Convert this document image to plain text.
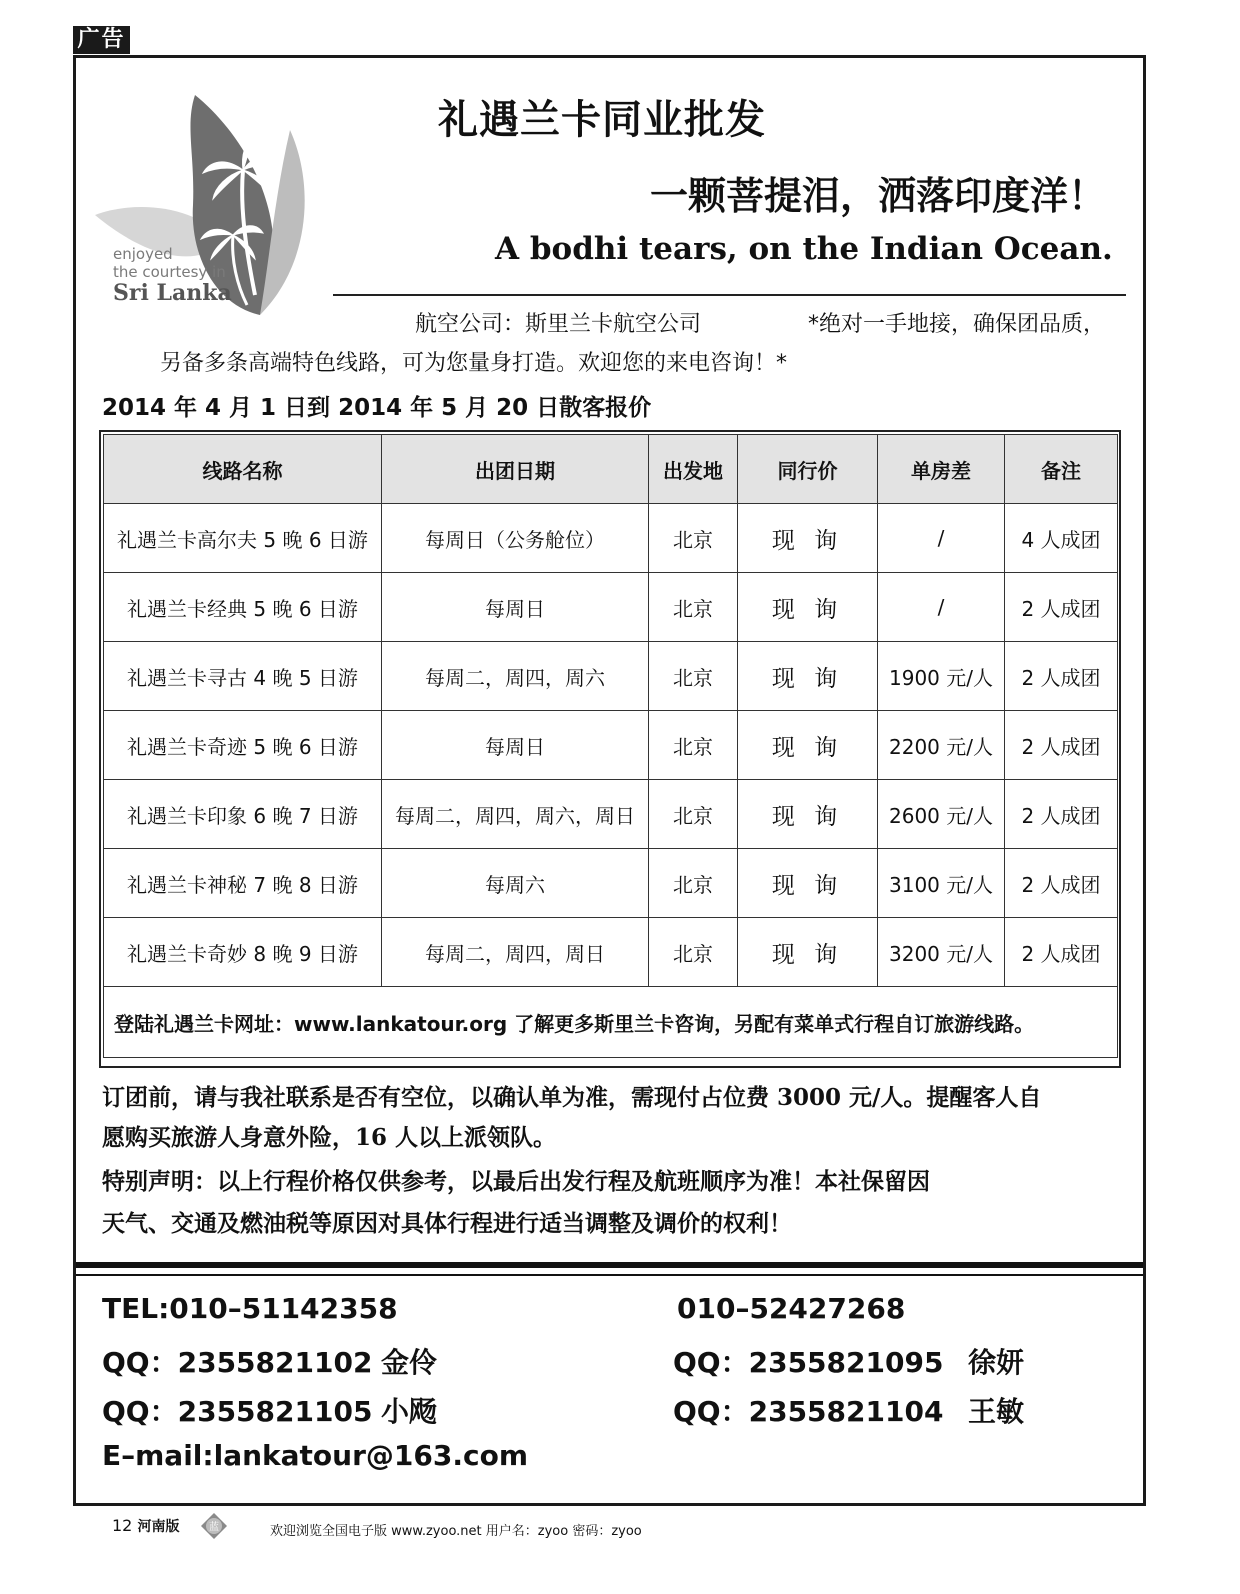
广告
enjoyed
the courtesy in
Sri Lanka
礼遇兰卡同业批发
一颗菩提泪，洒落印度洋！
A bodhi tears, on the Indian Ocean.
航空公司：斯里兰卡航空公司	*绝对一手地接，确保团品质，
另备多条高端特色线路，可为您量身打造。欢迎您的来电咨询！*
2014 年 4 月 1 日到 2014 年 5 月 20 日散客报价
线路名称	出团日期	出发地	同行价	单房差	备注
礼遇兰卡高尔夫 5 晚 6 日游	每周日（公务舱位）	北京	现 询	/	4 人成团
礼遇兰卡经典 5 晚 6 日游	每周日	北京	现 询	/	2 人成团
礼遇兰卡寻古 4 晚 5 日游	每周二，周四，周六	北京	现 询	1900 元/人	2 人成团
礼遇兰卡奇迹 5 晚 6 日游	每周日	北京	现 询	2200 元/人	2 人成团
礼遇兰卡印象 6 晚 7 日游	每周二，周四，周六，周日	北京	现 询	2600 元/人	2 人成团
礼遇兰卡神秘 7 晚 8 日游	每周六	北京	现 询	3100 元/人	2 人成团
礼遇兰卡奇妙 8 晚 9 日游	每周二，周四，周日	北京	现 询	3200 元/人	2 人成团
登陆礼遇兰卡网址：www.lankatour.org 了解更多斯里兰卡咨询，另配有菜单式行程自订旅游线路。					
订团前，请与我社联系是否有空位，以确认单为准，需现付占位费 3000 元/人。提醒客人自
愿购买旅游人身意外险，16 人以上派领队。
特别声明：以上行程价格仅供参考，以最后出发行程及航班顺序为准！本社保留因
天气、交通及燃油税等原因对具体行程进行适当调整及调价的权利！
TEL:010–51142358	010–52427268
QQ：2355821102 金伶	QQ：2355821095 徐妍
QQ：2355821105 小飏	QQ：2355821104 王敏
E–mail:lankatour@163.com
12 河南版	蓝	欢迎浏览全国电子版 www.zyoo.net 用户名：zyoo 密码：zyoo
